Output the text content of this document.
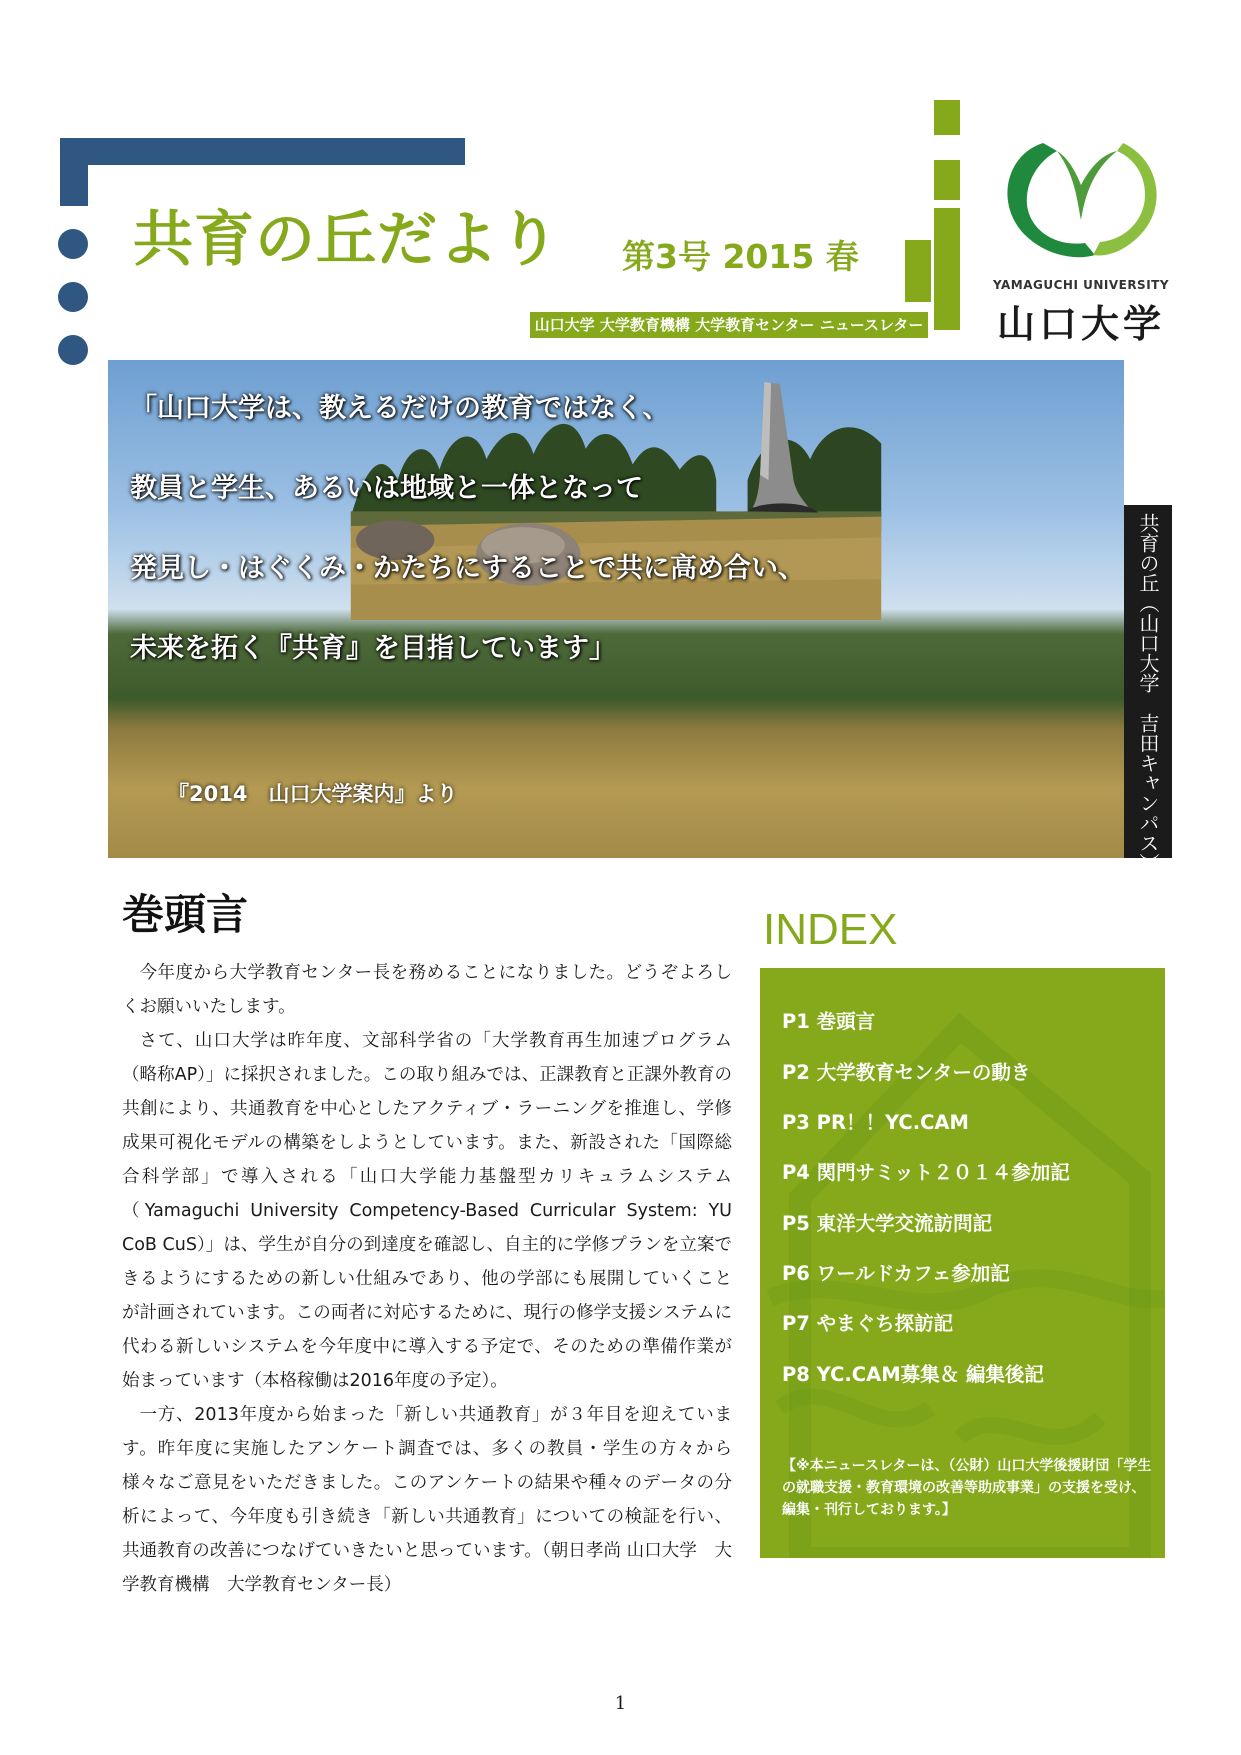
共育の丘だより 第3号 2015 春
山口大学 大学教育機構 大学教育センター ニュースレター
YAMAGUCHI UNIVERSITY
山口大学
「山口大学は、教えるだけの教育ではなく、
教員と学生、あるいは地域と一体となって
発見し・はぐくみ・かたちにすることで共に高め合い、
未来を拓く『共育』を目指しています」
『2014　山口大学案内』より	共育の丘（山口大学　吉田キャンパス）
巻頭言

今年度から大学教育センター長を務めることになりました。どうぞよろしくお願いいたします。

さて、山口大学は昨年度、文部科学省の「大学教育再生加速プログラム（略称AP）」に採択されました。この取り組みでは、正課教育と正課外教育の共創により、共通教育を中心としたアクティブ・ラーニングを推進し、学修成果可視化モデルの構築をしようとしています。また、新設された「国際総合科学部」で導入される「山口大学能力基盤型カリキュラムシステム（Yamaguchi University Competency-Based Curricular System: YU CoB CuS）」は、学生が自分の到達度を確認し、自主的に学修プランを立案できるようにするための新しい仕組みであり、他の学部にも展開していくことが計画されています。この両者に対応するために、現行の修学支援システムに代わる新しいシステムを今年度中に導入する予定で、そのための準備作業が始まっています（本格稼働は2016年度の予定）。

一方、2013年度から始まった「新しい共通教育」が３年目を迎えています。昨年度に実施したアンケート調査では、多くの教員・学生の方々から様々なご意見をいただきました。このアンケートの結果や種々のデータの分析によって、今年度も引き続き「新しい共通教育」についての検証を行い、共通教育の改善につなげていきたいと思っています。（朝日孝尚 山口大学　大学教育機構　大学教育センター長）

INDEX
P1 巻頭言
P2 大学教育センターの動き
P3 PR！！YC.CAM
P4 関門サミット２０１４参加記
P5 東洋大学交流訪問記
P6 ワールドカフェ参加記
P7 やまぐち探訪記
P8 YC.CAM募集＆ 編集後記
【※本ニュースレターは、（公財）山口大学後援財団「学生の就職支援・教育環境の改善等助成事業」の支援を受け、編集・刊行しております。】
1
